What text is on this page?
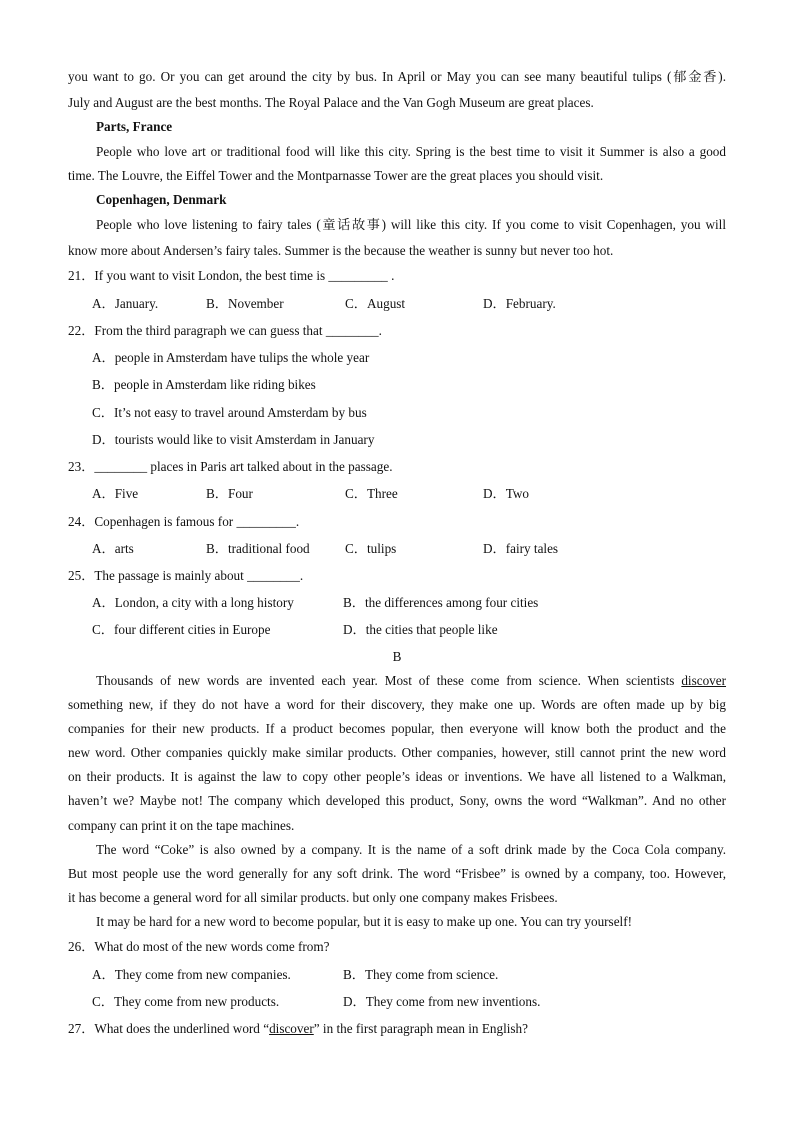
you want to go. Or you can get around the city by bus. In April or May you can see many beautiful tulips (郁金香).
July and August are the best months. The Royal Palace and the Van Gogh Museum are great places.
Parts, France
People who love art or traditional food will like this city. Spring is the best time to visit it Summer is also a good
time. The Louvre, the Eiffel Tower and the Montparnasse Tower are the great places you should visit.
Copenhagen, Denmark
People who love listening to fairy tales (童话故事) will like this city. If you come to visit Copenhagen, you will
know more about Andersen’s fairy tales. Summer is the because the weather is sunny but never too hot.
21．If you want to visit London, the best time is _________ .
A．January.	B．November	C．August	D．February.
22．From the third paragraph we can guess that ________.
A．people in Amsterdam have tulips the whole year
B．people in Amsterdam like riding bikes
C．It’s not easy to travel around Amsterdam by bus
D．tourists would like to visit Amsterdam in January
23．________ places in Paris art talked about in the passage.
A．Five	B．Four	C．Three	D．Two
24．Copenhagen is famous for _________.
A．arts	B．traditional food	C．tulips	D．fairy tales
25．The passage is mainly about ________.
A．London, a city with a long history	B．the differences among four cities
C．four different cities in Europe	D．the cities that people like
B
Thousands of new words are invented each year. Most of these come from science. When scientists discover
something new, if they do not have a word for their discovery, they make one up. Words are often made up by big
companies for their new products. If a product becomes popular, then everyone will know both the product and the
new word. Other companies quickly make similar products. Other companies, however, still cannot print the new word
on their products. It is against the law to copy other people’s ideas or inventions. We have all listened to a Walkman,
haven’t we? Maybe not! The company which developed this product, Sony, owns the word “Walkman”. And no other
company can print it on the tape machines.
The word “Coke” is also owned by a company. It is the name of a soft drink made by the Coca Cola company.
But most people use the word generally for any soft drink. The word “Frisbee” is owned by a company, too. However,
it has become a general word for all similar products. but only one company makes Frisbees.
It may be hard for a new word to become popular, but it is easy to make up one. You can try yourself!
26．What do most of the new words come from?
A．They come from new companies.	B．They come from science.
C．They come from new products.	D．They come from new inventions.
27．What does the underlined word “discover” in the first paragraph mean in English?
